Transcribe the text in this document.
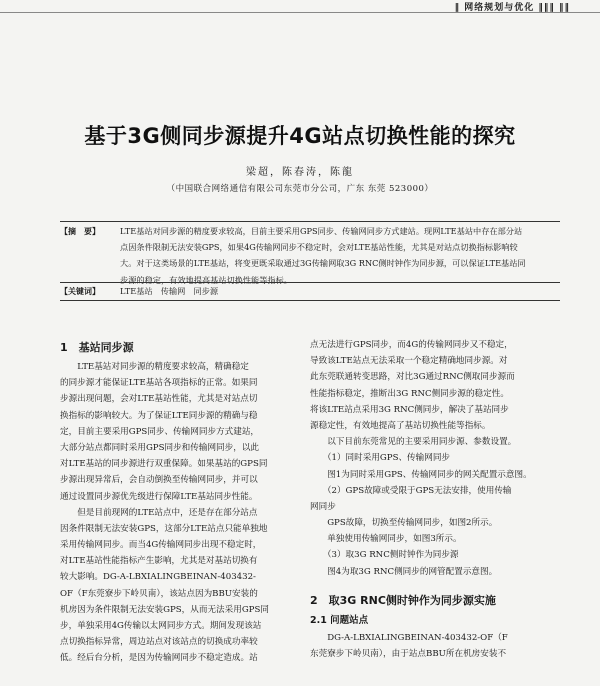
‖ 网络规划与优化 ‖‖‖ ‖‖
基于3G侧同步源提升4G站点切换性能的探究
梁超，陈春涛，陈龍
（中国联合网络通信有限公司东莞市分公司，广东 东莞 523000）
【摘　要】	LTE基站对同步源的精度要求较高，目前主要采用GPS同步、传输网同步方式建站。现网LTE基站中存在部分站
点因条件限制无法安装GPS，如果4G传输网同步不稳定时，会对LTE基站性能，尤其是对站点切换指标影响较
大。对于这类场景的LTE基站，将变更既采取通过3G传输网取3G RNC侧时钟作为同步源，可以保证LTE基站同
步源的稳定，有效地提高基站切换性能等指标。
【关键词】	LTE基站　传输网　同步源
1　基站同步源
　　LTE基站对同步源的精度要求较高，精确稳定
的同步源才能保证LTE基站各项指标的正常。如果同
步源出现问题，会对LTE基站性能，尤其是对站点切
换指标的影响较大。为了保证LTE同步源的精确与稳
定，目前主要采用GPS同步、传输网同步方式建站，
大部分站点都同时采用GPS同步和传输网同步，以此
对LTE基站的同步源进行双重保障。如果基站的GPS同
步源出现异常后，会自动倒换至传输网同步，并可以
通过设置同步源优先级进行保障LTE基站同步性能。
　　但是目前现网的LTE站点中，还是存在部分站点
因条件限制无法安装GPS，这部分LTE站点只能单独地
采用传输网同步。而当4G传输网同步出现不稳定时，
对LTE基站性能指标产生影响，尤其是对基站切换有
较大影响。DG-A-LBXIALINGBEINAN-403432-
OF（F东莞寮步下岭贝南），该站点因为BBU安装的
机房因为条件限制无法安装GPS，从而无法采用GPS同
步，单独采用4G传输以太网同步方式。期间发现该站
点切换指标异常，周边站点对该站点的切换成功率较
低。经后台分析，是因为传输网同步不稳定造成。站
点无法进行GPS同步，而4G的传输网同步又不稳定，
导致该LTE站点无法采取一个稳定精确地同步源。对
此东莞联通转变思路，对比3G通过RNC侧取同步源而
性能指标稳定，推断出3G RNC侧同步源的稳定性。
将该LTE站点采用3G RNC侧同步，解决了基站同步
源稳定性，有效地提高了基站切换性能等指标。
　　以下目前东莞常见的主要采用同步源、参数设置。
　　（1）同时采用GPS、传输网同步
　　图1为同时采用GPS、传输网同步的网关配置示意图。
　　（2）GPS故障或受限于GPS无法安排，使用传输
网同步
　　GPS故障，切换至传输网同步，如图2所示。
　　单独使用传输网同步，如图3所示。
　　（3）取3G RNC侧时钟作为同步源
　　图4为取3G RNC侧同步的网管配置示意图。
2　取3G RNC侧时钟作为同步源实施
2.1 问题站点
　　DG-A-LBXIALINGBEINAN-403432-OF（F
东莞寮步下岭贝南），由于站点BBU所在机房安装不
